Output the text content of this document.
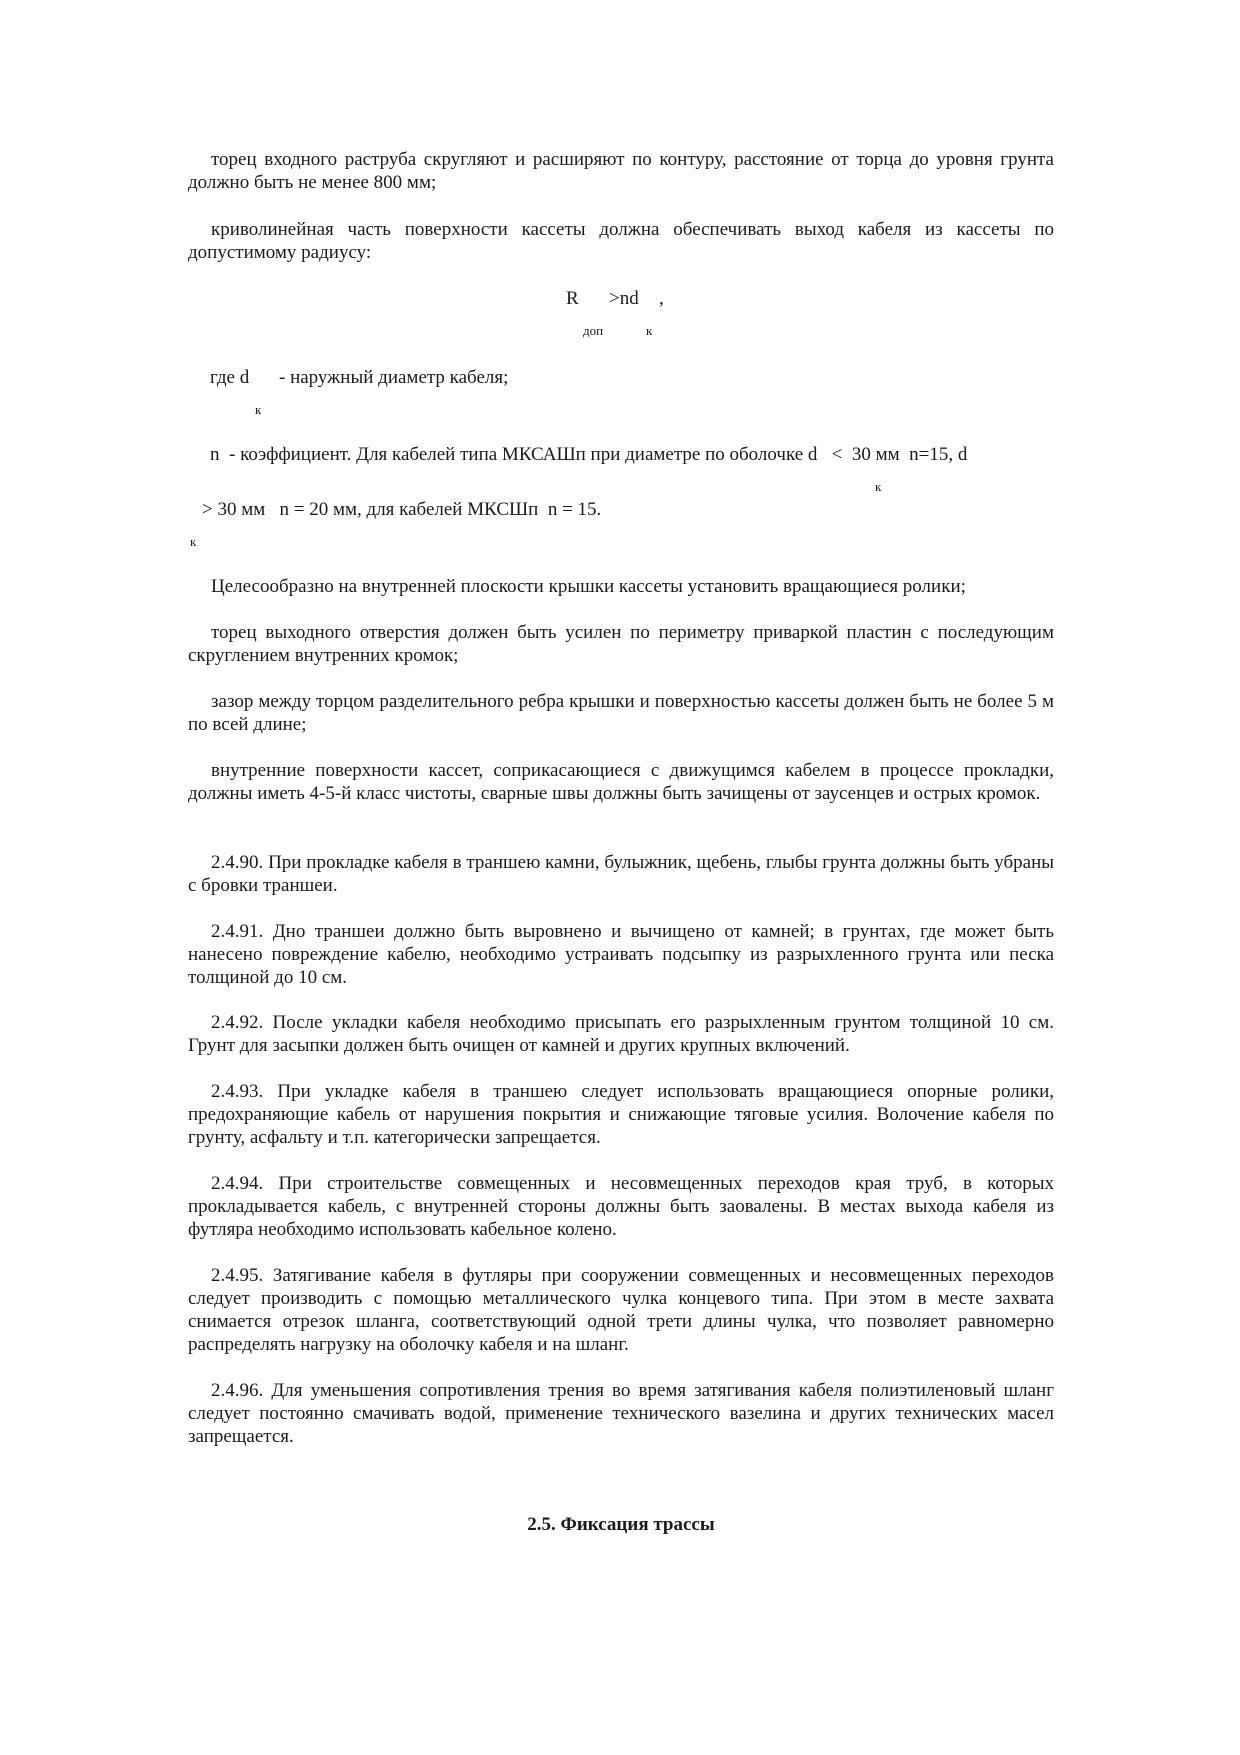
торец входного раструба скругляют и расширяют по контуру, расстояние от торца до уровня грунта должно быть не менее 800 мм;

криволинейная часть поверхности кассеты должна обеспечивать выход кабеля из кассеты по допустимому радиусу:

R >nd ,
доп	к
где d - наружный диаметр кабеля;
к
n  - коэффициент. Для кабелей типа МКСАШп при диаметре по оболочке d   <  30 мм  n=15, d
к
> 30 мм   n = 20 мм, для кабелей МКСШп  n = 15.
к

Целесообразно на внутренней плоскости крышки кассеты установить вращающиеся ролики;

торец выходного отверстия должен быть усилен по периметру приваркой пластин с последующим скруглением внутренних кромок;

зазор между торцом разделительного ребра крышки и поверхностью кассеты должен быть не более 5 м по всей длине;

внутренние поверхности кассет, соприкасающиеся с движущимся кабелем в процессе прокладки, должны иметь 4-5-й класс чистоты, сварные швы должны быть зачищены от заусенцев и острых кромок.

2.4.90. При прокладке кабеля в траншею камни, булыжник, щебень, глыбы грунта должны быть убраны с бровки траншеи.

2.4.91. Дно траншеи должно быть выровнено и вычищено от камней; в грунтах, где может быть нанесено повреждение кабелю, необходимо устраивать подсыпку из разрыхленного грунта или песка толщиной до 10 см.

2.4.92. После укладки кабеля необходимо присыпать его разрыхленным грунтом толщиной 10 см. Грунт для засыпки должен быть очищен от камней и других крупных включений.

2.4.93. При укладке кабеля в траншею следует использовать вращающиеся опорные ролики, предохраняющие кабель от нарушения покрытия и снижающие тяговые усилия. Волочение кабеля по грунту, асфальту и т.п. категорически запрещается.

2.4.94. При строительстве совмещенных и несовмещенных переходов края труб, в которых прокладывается кабель, с внутренней стороны должны быть заовалены. В местах выхода кабеля из футляра необходимо использовать кабельное колено.

2.4.95. Затягивание кабеля в футляры при сооружении совмещенных и несовмещенных переходов следует производить с помощью металлического чулка концевого типа. При этом в месте захвата снимается отрезок шланга, соответствующий одной трети длины чулка, что позволяет равномерно распределять нагрузку на оболочку кабеля и на шланг.

2.4.96. Для уменьшения сопротивления трения во время затягивания кабеля полиэтиленовый шланг следует постоянно смачивать водой, применение технического вазелина и других технических масел запрещается.

2.5. Фиксация трассы
